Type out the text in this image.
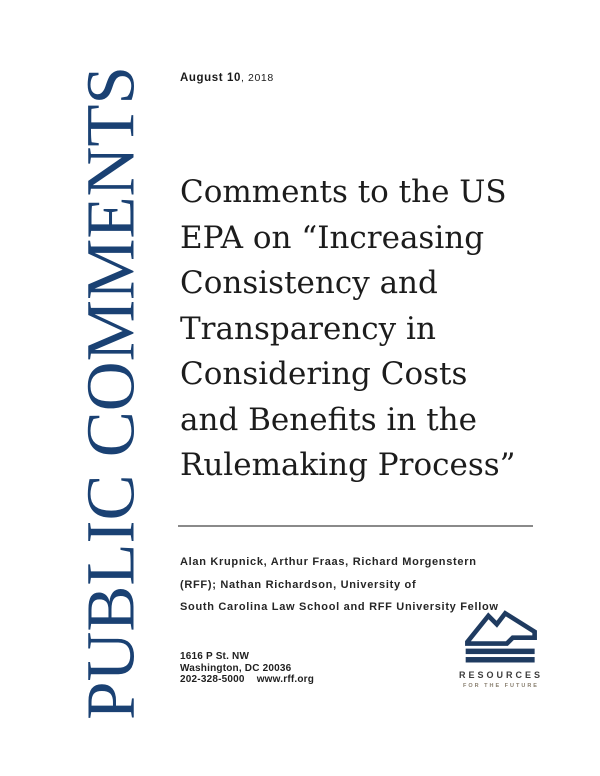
PUBLIC COMMENTS	August 10, 2018
Comments to the US
EPA on “Increasing
Consistency and
Transparency in
Considering Costs
and Benefits in the
Rulemaking Process”
Alan Krupnick, Arthur Fraas, Richard Morgenstern
(RFF); Nathan Richardson, University of
South Carolina Law School and RFF University Fellow
1616 P St. NW
Washington, DC 20036
202-328-5000 www.rff.org	RESOURCES
FOR THE FUTURE
